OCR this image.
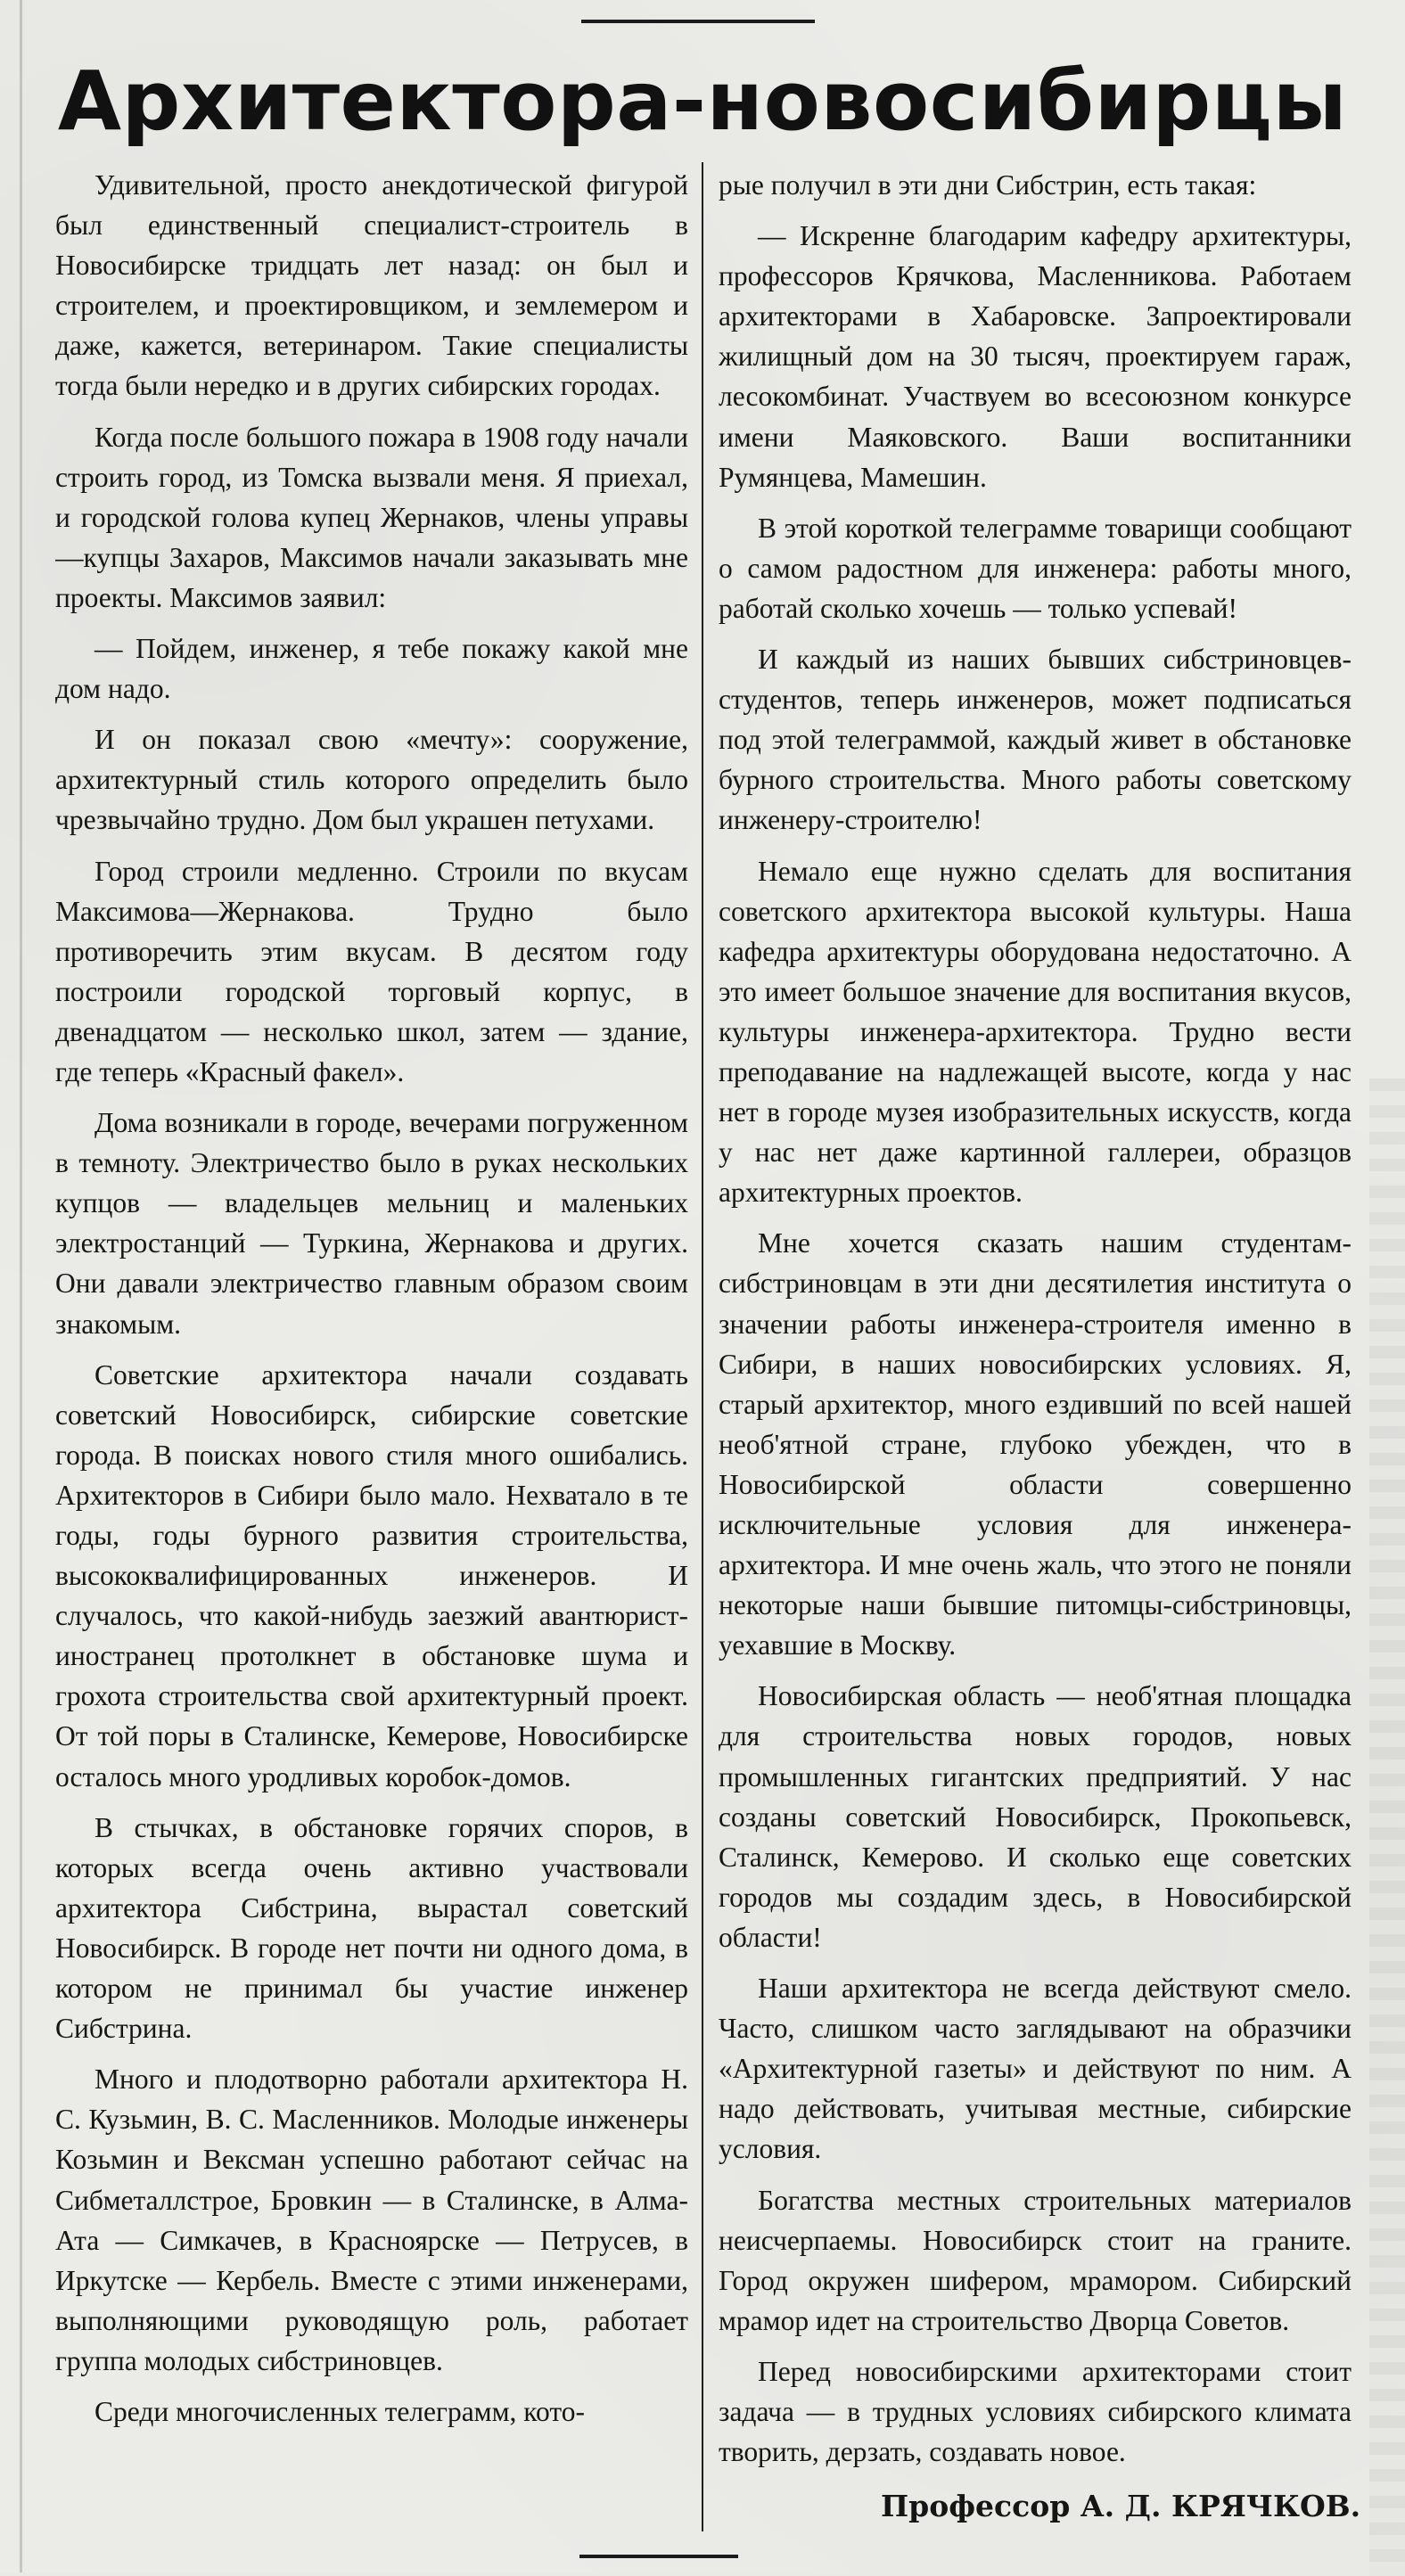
Архитектора-новосибирцы

Удивительной, просто анекдотической фигурой был единственный специалист-строитель в Новосибирске тридцать лет назад: он был и строителем, и проектировщиком, и землемером и даже, кажется, ветеринаром. Такие специалисты тогда были нередко и в других сибирских городах.

Когда после большого пожара в 1908 году начали строить город, из Томска вызвали меня. Я приехал, и городской голова купец Жернаков, члены управы—купцы Захаров, Максимов начали заказывать мне проекты. Максимов заявил:

— Пойдем, инженер, я тебе покажу какой мне дом надо.

И он показал свою «мечту»: сооружение, архитектурный стиль которого определить было чрезвычайно трудно. Дом был украшен петухами.

Город строили медленно. Строили по вкусам Максимова—Жернакова. Трудно было противоречить этим вкусам. В десятом году построили городской торговый корпус, в двенадцатом — несколько школ, затем — здание, где теперь «Красный факел».

Дома возникали в городе, вечерами погруженном в темноту. Электричество было в руках нескольких купцов — владельцев мельниц и маленьких электростанций — Туркина, Жернакова и других. Они давали электричество главным образом своим знакомым.

Советские архитектора начали создавать советский Новосибирск, сибирские советские города. В поисках нового стиля много ошибались. Архитекторов в Сибири было мало. Нехватало в те годы, годы бурного развития строительства, высококвалифицированных инженеров. И случалось, что какой-нибудь заезжий авантюрист-иностранец протолкнет в обстановке шума и грохота строительства свой архитектурный проект. От той поры в Сталинске, Кемерове, Новосибирске осталось много уродливых коробок-домов.

В стычках, в обстановке горячих споров, в которых всегда очень активно участвовали архитектора Сибстрина, вырастал советский Новосибирск. В городе нет почти ни одного дома, в котором не принимал бы участие инженер Сибстрина.

Много и плодотворно работали архитектора Н. С. Кузьмин, В. С. Масленников. Молодые инженеры Козьмин и Вексман успешно работают сейчас на Сибметаллстрое, Бровкин — в Сталинске, в Алма-Ата — Симкачев, в Красноярске — Петрусев, в Иркутске — Кербель. Вместе с этими инженерами, выполняющими руководящую роль, работает группа молодых сибстриновцев.

Среди многочисленных телеграмм, кото-

рые получил в эти дни Сибстрин, есть такая:

— Искренне благодарим кафедру архитектуры, профессоров Крячкова, Масленникова. Работаем архитекторами в Хабаровске. Запроектировали жилищный дом на 30 тысяч, проектируем гараж, лесокомбинат. Участвуем во всесоюзном конкурсе имени Маяковского. Ваши воспитанники Румянцева, Мамешин.

В этой короткой телеграмме товарищи сообщают о самом радостном для инженера: работы много, работай сколько хочешь — только успевай!

И каждый из наших бывших сибстриновцев-студентов, теперь инженеров, может подписаться под этой телеграммой, каждый живет в обстановке бурного строительства. Много работы советскому инженеру-строителю!

Немало еще нужно сделать для воспитания советского архитектора высокой культуры. Наша кафедра архитектуры оборудована недостаточно. А это имеет большое значение для воспитания вкусов, культуры инженера-архитектора. Трудно вести преподавание на надлежащей высоте, когда у нас нет в городе музея изобразительных искусств, когда у нас нет даже картинной галлереи, образцов архитектурных проектов.

Мне хочется сказать нашим студентам-сибстриновцам в эти дни десятилетия института о значении работы инженера-строителя именно в Сибири, в наших новосибирских условиях. Я, старый архитектор, много ездивший по всей нашей необ'ятной стране, глубоко убежден, что в Новосибирской области совершенно исключительные условия для инженера-архитектора. И мне очень жаль, что этого не поняли некоторые наши бывшие питомцы-сибстриновцы, уехавшие в Москву.

Новосибирская область — необ'ятная площадка для строительства новых городов, новых промышленных гигантских предприятий. У нас созданы советский Новосибирск, Прокопьевск, Сталинск, Кемерово. И сколько еще советских городов мы создадим здесь, в Новосибирской области!

Наши архитектора не всегда действуют смело. Часто, слишком часто заглядывают на образчики «Архитектурной газеты» и действуют по ним. А надо действовать, учитывая местные, сибирские условия.

Богатства местных строительных материалов неисчерпаемы. Новосибирск стоит на граните. Город окружен шифером, мрамором. Сибирский мрамор идет на строительство Дворца Советов.

Перед новосибирскими архитекторами стоит задача — в трудных условиях сибирского климата творить, дерзать, создавать новое.

Профессор А. Д. КРЯЧКОВ.
